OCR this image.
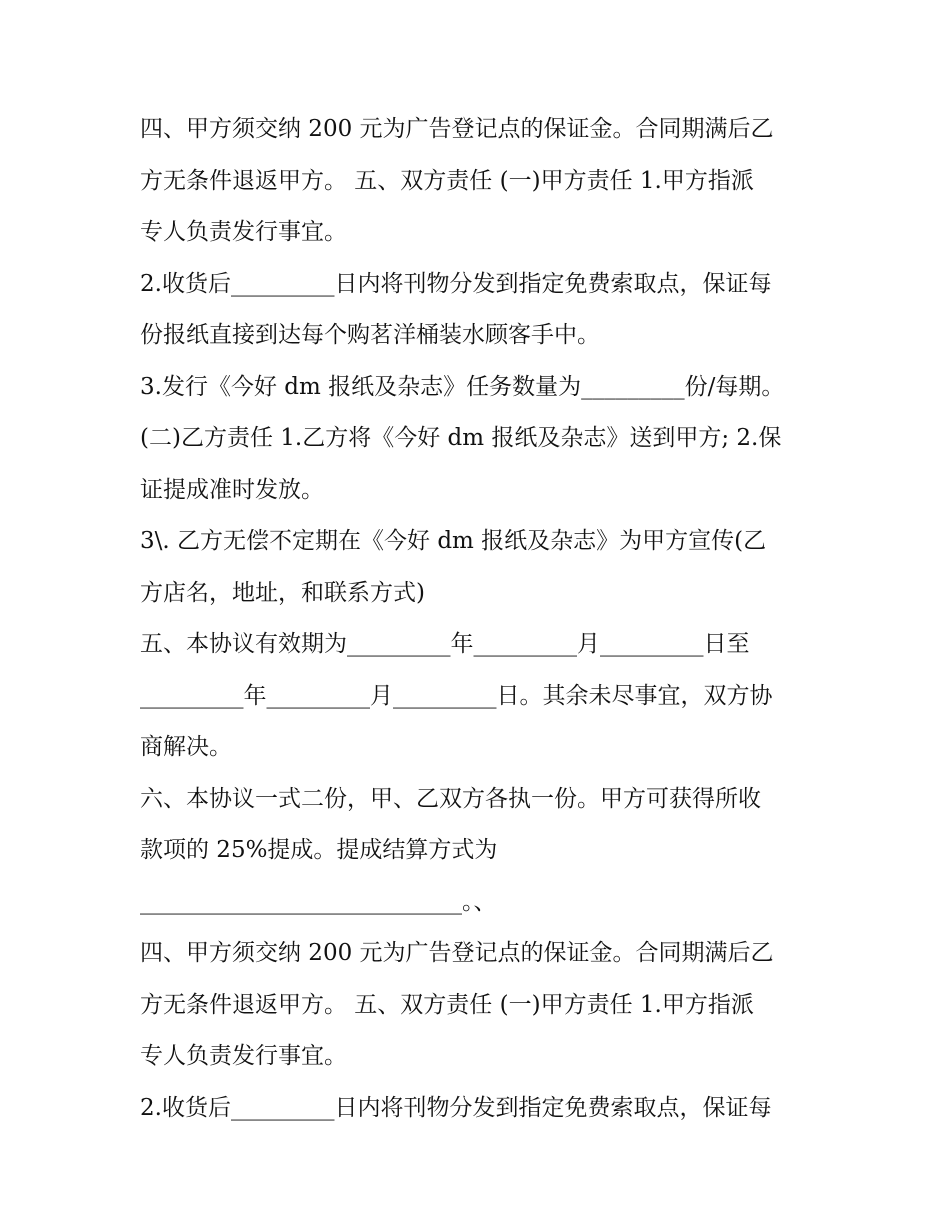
四、甲方须交纳 200 元为广告登记点的保证金。合同期满后乙
方无条件退返甲方。 五、双方责任 (一)甲方责任 1.甲方指派
专人负责发行事宜。
2.收货后_________日内将刊物分发到指定免费索取点，保证每
份报纸直接到达每个购茗洋桶装水顾客手中。
3.发行《今好 dm 报纸及杂志》任务数量为_________份/每期。
(二)乙方责任 1.乙方将《今好 dm 报纸及杂志》送到甲方; 2.保
证提成准时发放。
3\. 乙方无偿不定期在《今好 dm 报纸及杂志》为甲方宣传(乙
方店名，地址，和联系方式)
五、本协议有效期为_________年_________月_________日至
_________年_________月_________日。其余未尽事宜，双方协
商解决。
六、本协议一式二份，甲、乙双方各执一份。甲方可获得所收
款项的 25%提成。提成结算方式为
____________________________。、
四、甲方须交纳 200 元为广告登记点的保证金。合同期满后乙
方无条件退返甲方。 五、双方责任 (一)甲方责任 1.甲方指派
专人负责发行事宜。
2.收货后_________日内将刊物分发到指定免费索取点，保证每
